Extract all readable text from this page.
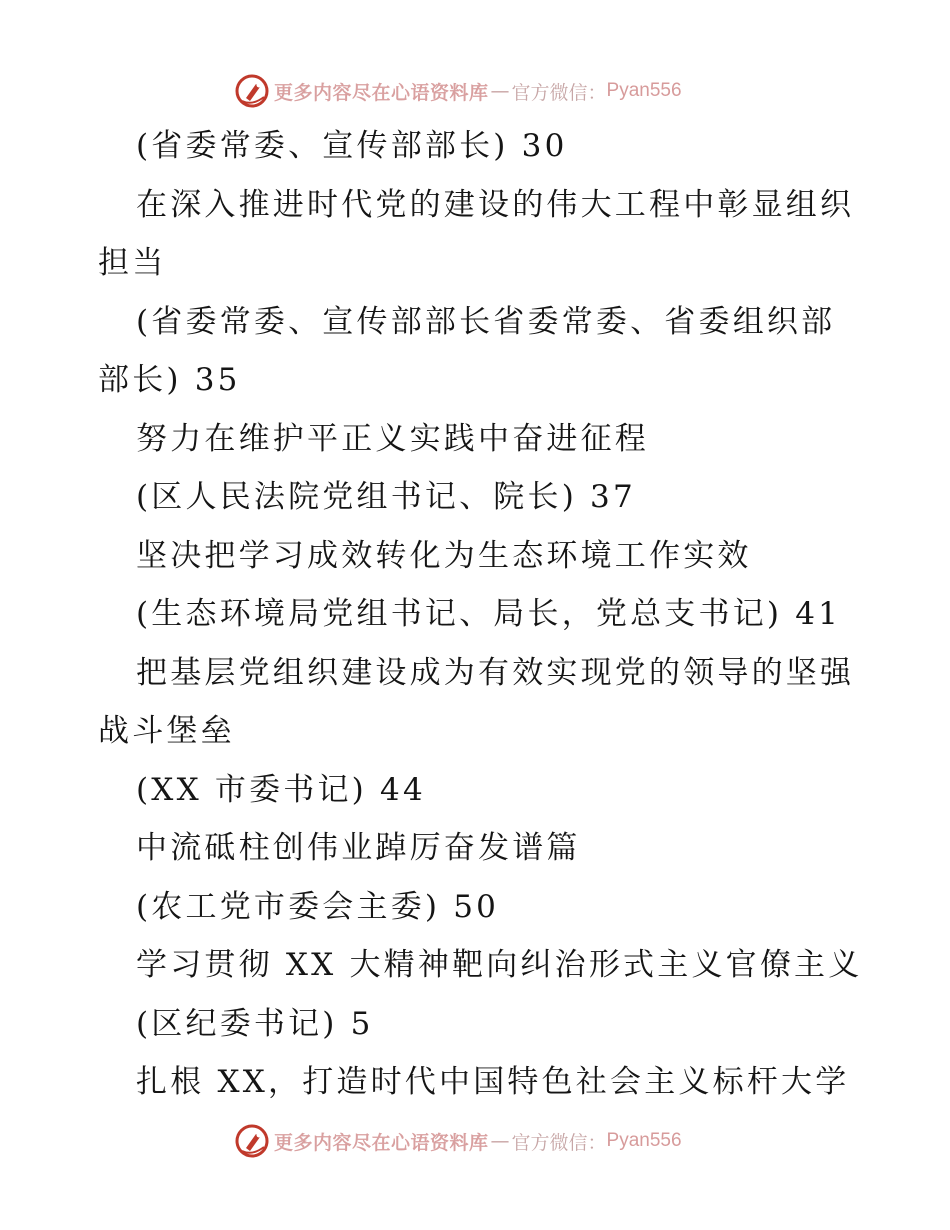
更多内容尽在心语资料库 — 官方微信： Pyan556
(省委常委、宣传部部长) 30
在深入推进时代党的建设的伟大工程中彰显组织
担当
(省委常委、宣传部部长省委常委、省委组织部
部长) 35
努力在维护平正义实践中奋进征程
(区人民法院党组书记、院长) 37
坚决把学习成效转化为生态环境工作实效
(生态环境局党组书记、局长，党总支书记) 41
把基层党组织建设成为有效实现党的领导的坚强
战斗堡垒
(XX 市委书记) 44
中流砥柱创伟业踔厉奋发谱篇
(农工党市委会主委) 50
学习贯彻 XX 大精神靶向纠治形式主义官僚主义
(区纪委书记) 5
扎根 XX，打造时代中国特色社会主义标杆大学
更多内容尽在心语资料库 — 官方微信： Pyan556
